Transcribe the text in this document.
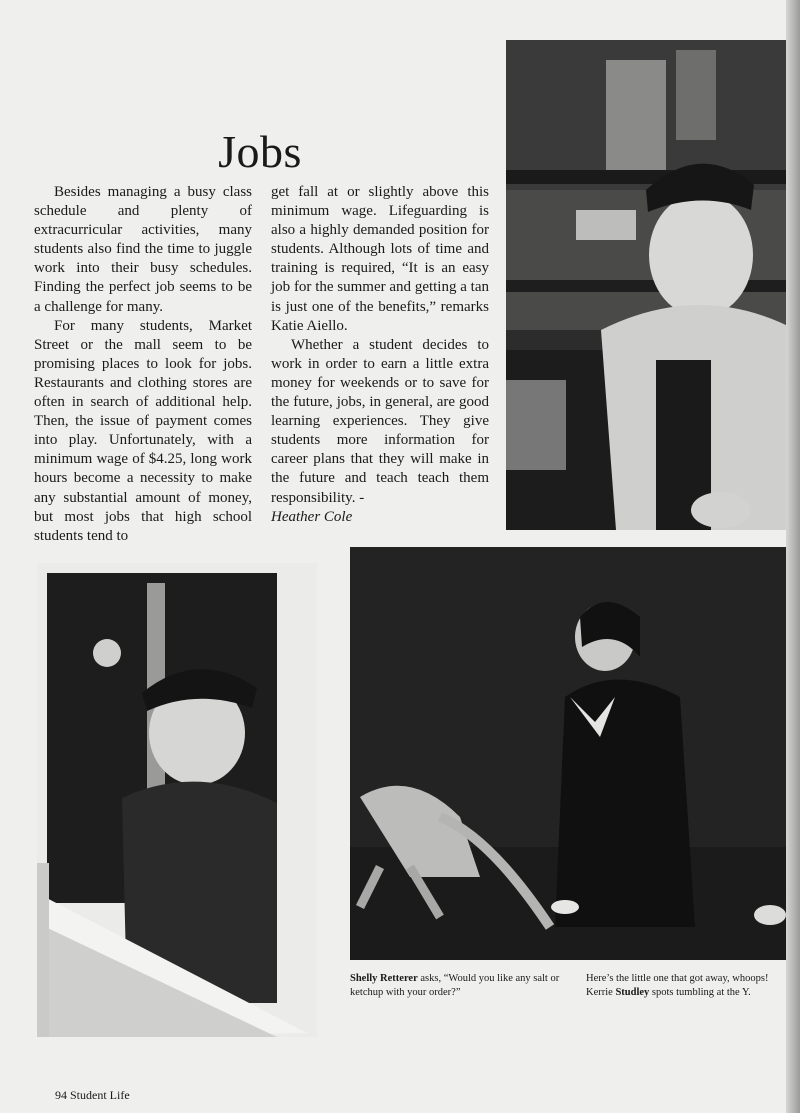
Jobs

Besides managing a busy class schedule and plenty of extracurricular activities, many students also find the time to juggle work into their busy schedules. Finding the perfect job seems to be a challenge for many.

For many students, Market Street or the mall seem to be promising places to look for jobs. Restaurants and clothing stores are often in search of additional help. Then, the issue of payment comes into play. Unfortunately, with a minimum wage of $4.25, long work hours become a necessity to make any substantial amount of money, but most jobs that high school students tend to

get fall at or slightly above this minimum wage. Lifeguarding is also a highly demanded position for students. Although lots of time and training is required, “It is an easy job for the summer and getting a tan is just one of the benefits,” remarks Katie Aiello.

Whether a student decides to work in order to earn a little extra money for weekends or to save for the future, jobs, in general, are good learning experiences. They give students more information for career plans that they will make in the future and teach teach them responsibility. -

Heather Cole

Shelly Retterer asks, “Would you like any salt or ketchup with your order?”
Here’s the little one that got away, whoops! Kerrie Studley spots tumbling at the Y.
94 Student Life
